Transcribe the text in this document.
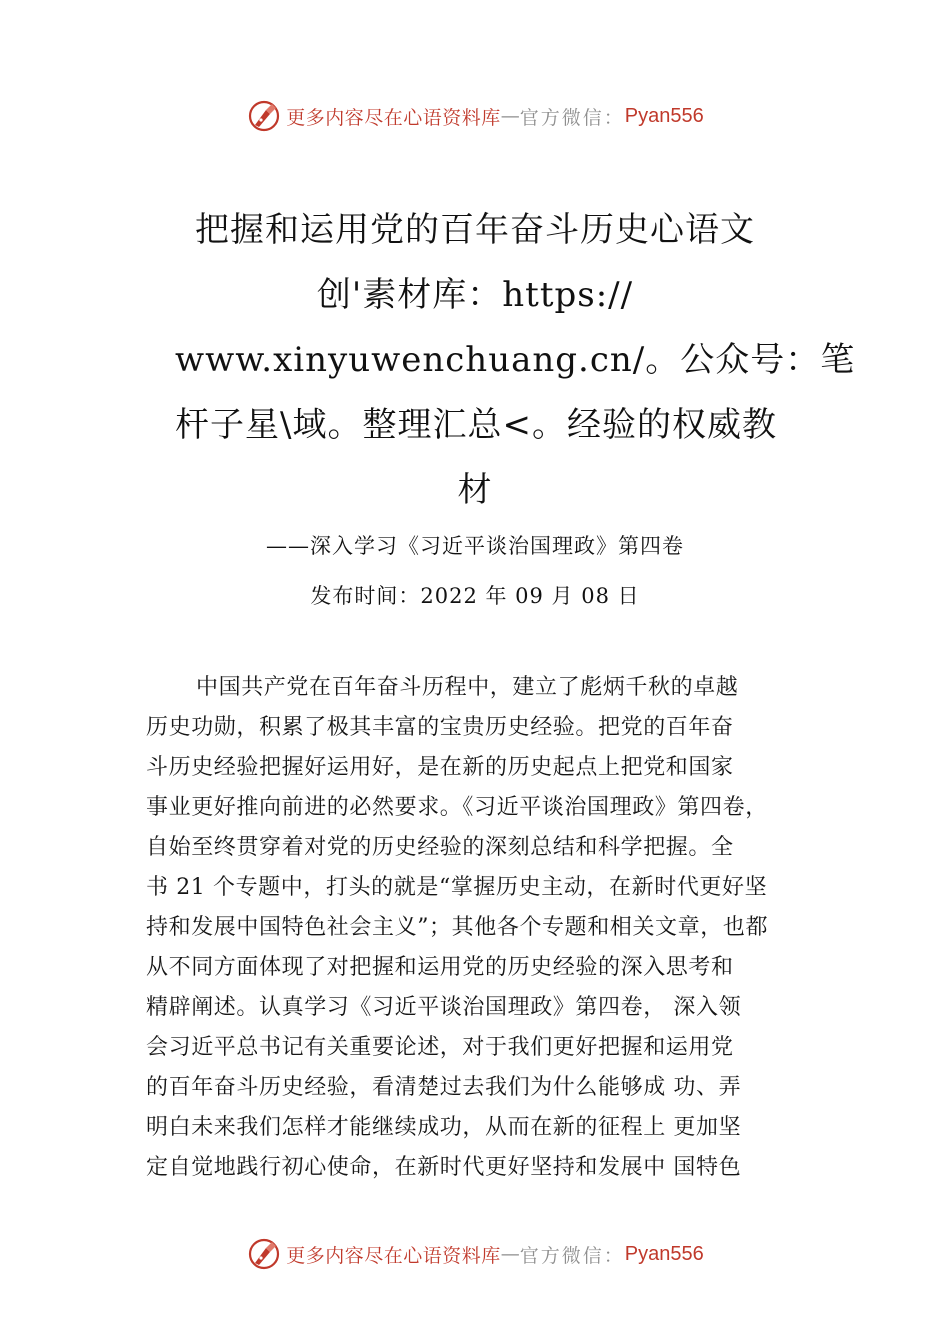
更多内容尽在心语资料库 — 官方微信： Pyan556
把握和运用党的百年奋斗历史心语文
创'素材库：https://
www.xinyuwenchuang.cn/。公众号：笔
杆子星\域。整理汇总<。经验的权威教
材
——深入学习《习近平谈治国理政》第四卷
发布时间：2022 年 09 月 08 日
中国共产党在百年奋斗历程中，建立了彪炳千秋的卓越
历史功勋，积累了极其丰富的宝贵历史经验。把党的百年奋
斗历史经验把握好运用好，是在新的历史起点上把党和国家
事业更好推向前进的必然要求。《习近平谈治国理政》第四卷，
自始至终贯穿着对党的历史经验的深刻总结和科学把握。全
书 21 个专题中，打头的就是“掌握历史主动，在新时代更好坚
持和发展中国特色社会主义”；其他各个专题和相关文章，也都
从不同方面体现了对把握和运用党的历史经验的深入思考和
精辟阐述。认真学习《习近平谈治国理政》第四卷， 深入领
会习近平总书记有关重要论述，对于我们更好把握和运用党
的百年奋斗历史经验，看清楚过去我们为什么能够成 功、弄
明白未来我们怎样才能继续成功，从而在新的征程上 更加坚
定自觉地践行初心使命，在新时代更好坚持和发展中 国特色
更多内容尽在心语资料库 — 官方微信： Pyan556
